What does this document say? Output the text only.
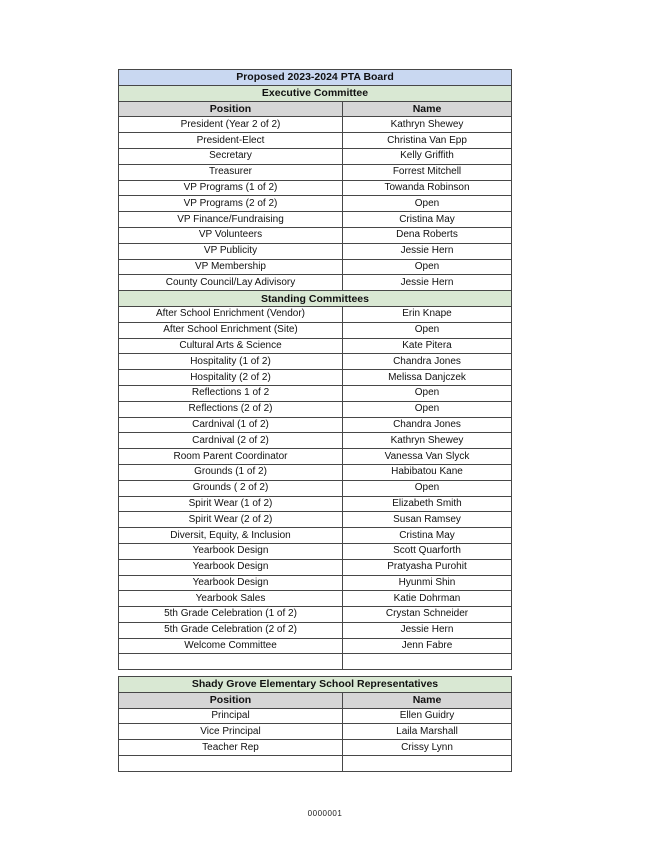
Proposed 2023-2024 PTA Board	
Executive Committee	
Position	Name
President (Year 2 of 2)	Kathryn Shewey
President-Elect	Christina Van Epp
Secretary	Kelly Griffith
Treasurer	Forrest Mitchell
VP Programs (1 of 2)	Towanda Robinson
VP Programs (2 of 2)	Open
VP Finance/Fundraising	Cristina May
VP Volunteers	Dena Roberts
VP Publicity	Jessie Hern
VP Membership	Open
County Council/Lay Adivisory	Jessie Hern
Standing Committees	
After School Enrichment (Vendor)	Erin Knape
After School Enrichment (Site)	Open
Cultural Arts & Science	Kate Pitera
Hospitality (1 of 2)	Chandra Jones
Hospitality (2 of 2)	Melissa Danjczek
Reflections 1 of 2	Open
Reflections (2 of 2)	Open
Cardnival (1 of 2)	Chandra Jones
Cardnival (2 of 2)	Kathryn Shewey
Room Parent Coordinator	Vanessa Van Slyck
Grounds (1 of 2)	Habibatou Kane
Grounds ( 2 of 2)	Open
Spirit Wear (1 of 2)	Elizabeth Smith
Spirit Wear (2 of 2)	Susan Ramsey
Diversit, Equity, & Inclusion	Cristina May
Yearbook Design	Scott Quarforth
Yearbook Design	Pratyasha Purohit
Yearbook Design	Hyunmi Shin
Yearbook Sales	Katie Dohrman
5th Grade Celebration (1 of 2)	Crystan Schneider
5th Grade Celebration (2 of 2)	Jessie Hern
Welcome Committee	Jenn Fabre

Shady Grove Elementary School Representatives	
Position	Name
Principal	Ellen Guidry
Vice Principal	Laila Marshall
Teacher Rep	Crissy Lynn

0000001
